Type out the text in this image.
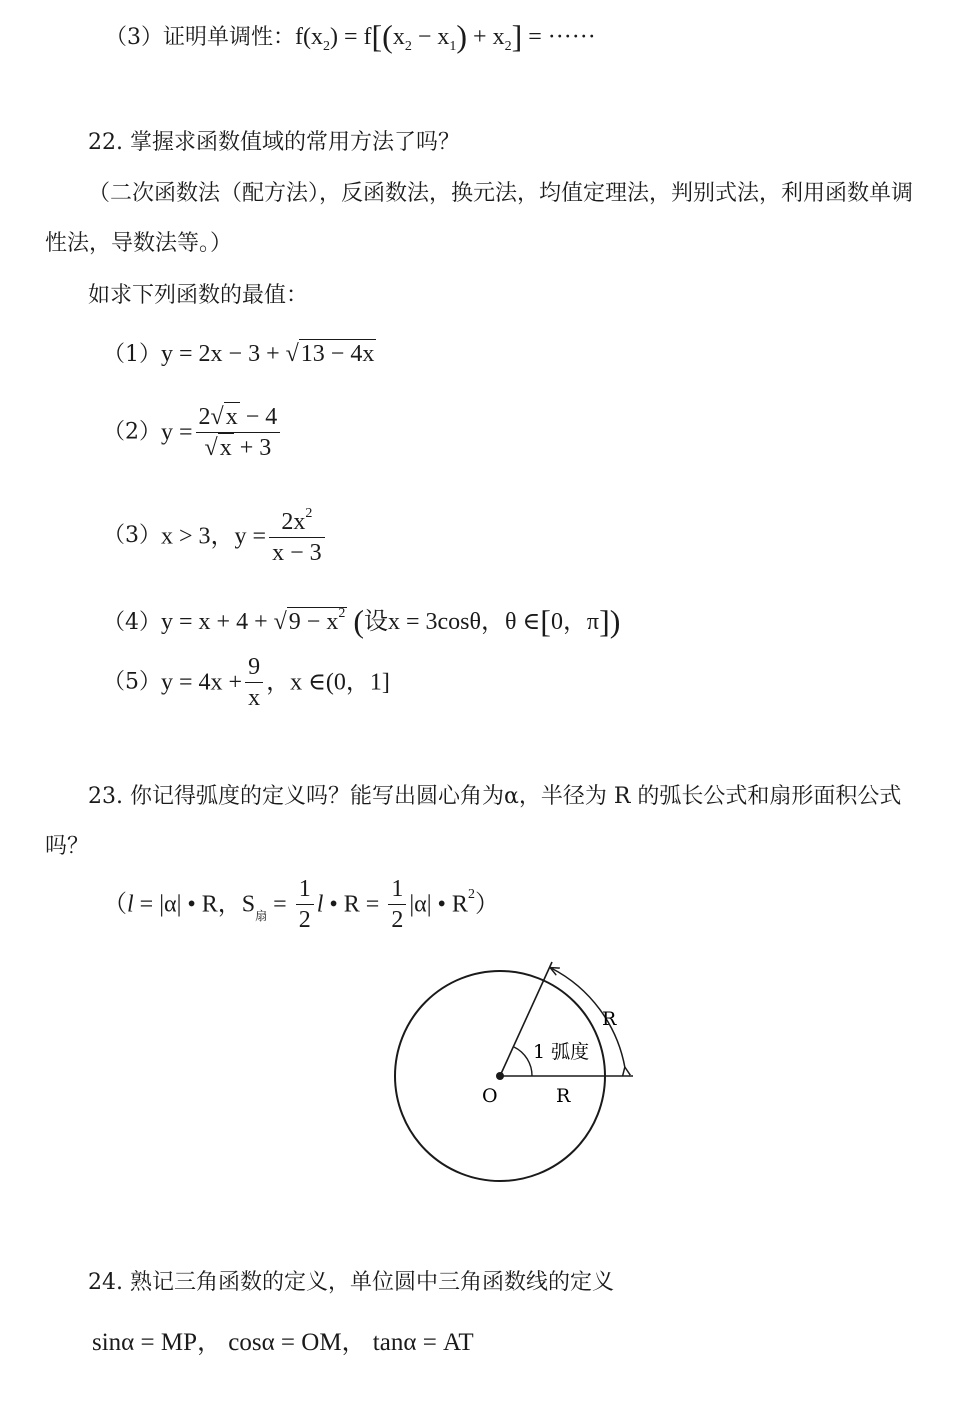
（3）证明单调性：$f(x_2) = f[(x_2 - x_1) + x_2]$ = ······
22. 掌握求函数值域的常用方法了吗？
（二次函数法（配方法），反函数法，换元法，均值定理法，判别式法，利用函数单调
性法，导数法等。）
如求下列函数的最值：
（1）y = 2x − 3 + √13 − 4x
$(2)y = \frac{2√x - 4}{√x + 3}$
（3）x > 3，$y = \frac{2x^2}{x - 3}$
$(4)y = x + 4 + √9 - x^2$ (设x = 3cosθ，θ ∈[0，π])
$(5)y = 4x + \frac{9}{x}$ ，x ∈(0，1]
23. 你记得弧度的定义吗？能写出圆心角为α，半径为 R 的弧长公式和扇形面积公式
吗？
（l = |α| • R，$S_扇 = \frac{1}{2}$ l • $R = \frac{1}{2} |\alpha|$ • $R^2$）
O	R
R
1 弧度
24. 熟记三角函数的定义，单位圆中三角函数线的定义
sinα = MP， cosα = OM， tanα = AT
